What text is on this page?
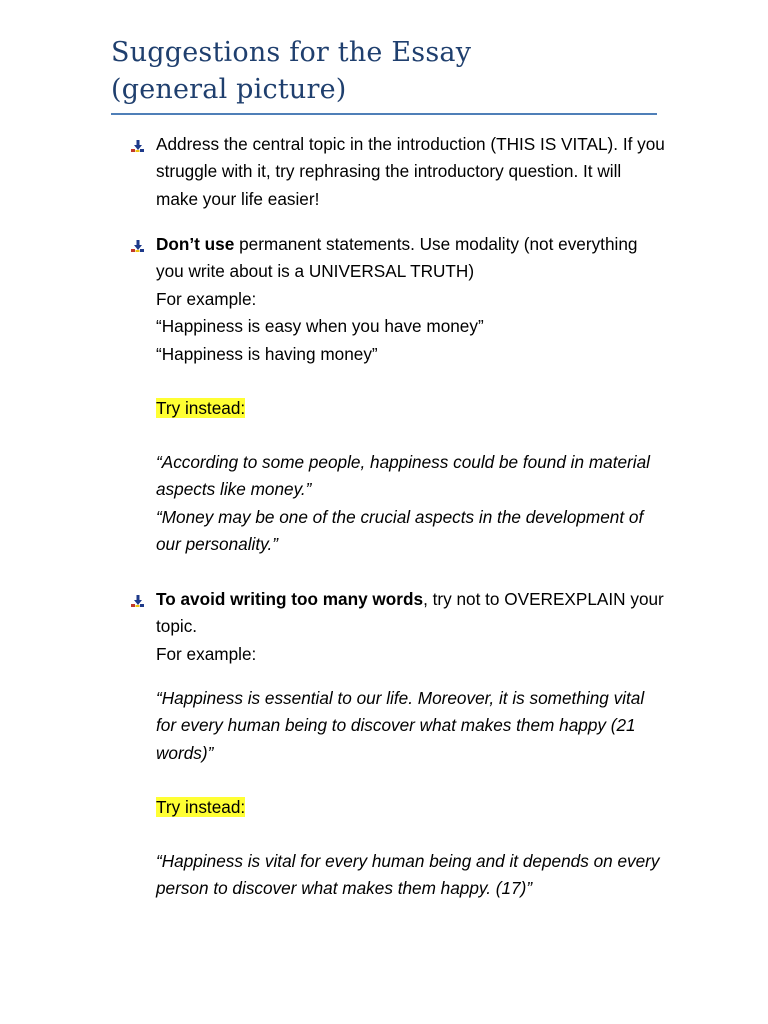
Suggestions for the Essay
(general picture)

Address the central topic in the introduction (THIS IS VITAL). If you struggle with it, try rephrasing the introductory question. It will make your life easier!

Don’t use permanent statements. Use modality (not everything you write about is a UNIVERSAL TRUTH)

For example:

“Happiness is easy when you have money”

“Happiness is having money”

Try instead:

“According to some people, happiness could be found in material aspects like money.”

“Money may be one of the crucial aspects in the development of our personality.”

To avoid writing too many words, try not to OVEREXPLAIN your topic.

For example:

“Happiness is essential to our life. Moreover, it is something vital for every human being to discover what makes them happy (21 words)”

Try instead:

“Happiness is vital for every human being and it depends on every person to discover what makes them happy. (17)”
